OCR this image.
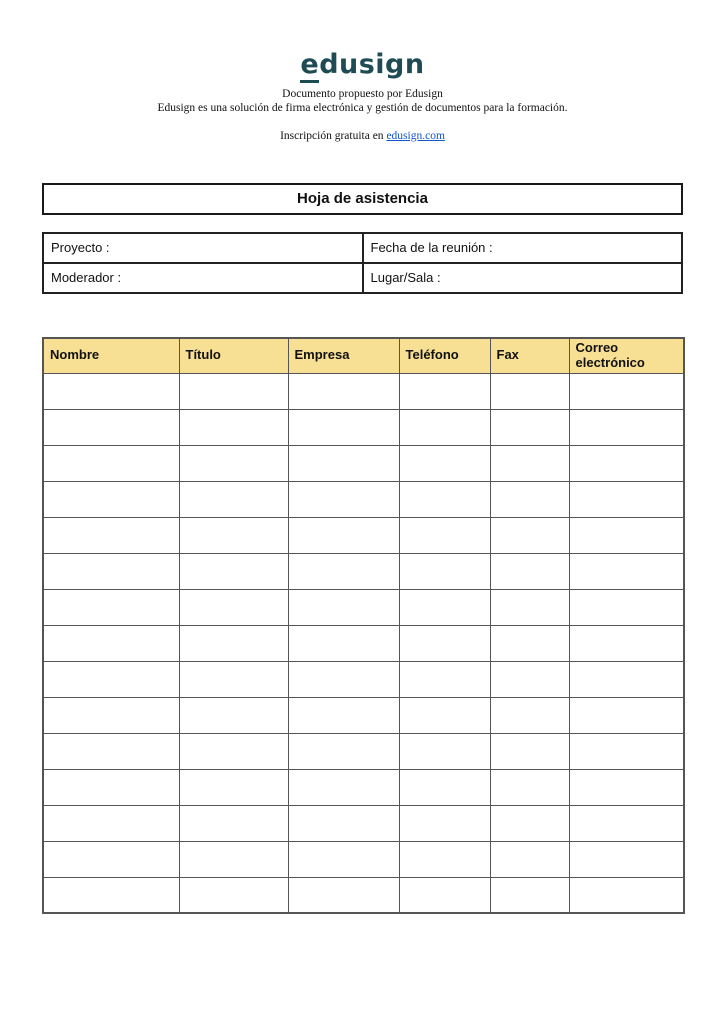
edusign
Documento propuesto por Edusign
Edusign es una solución de firma electrónica y gestión de documentos para la formación.
Inscripción gratuita en edusign.com
Hoja de asistencia
Proyecto :	Fecha de la reunión :
Moderador :	Lugar/Sala :
Nombre	Título	Empresa	Teléfono	Fax	Correo electrónico
